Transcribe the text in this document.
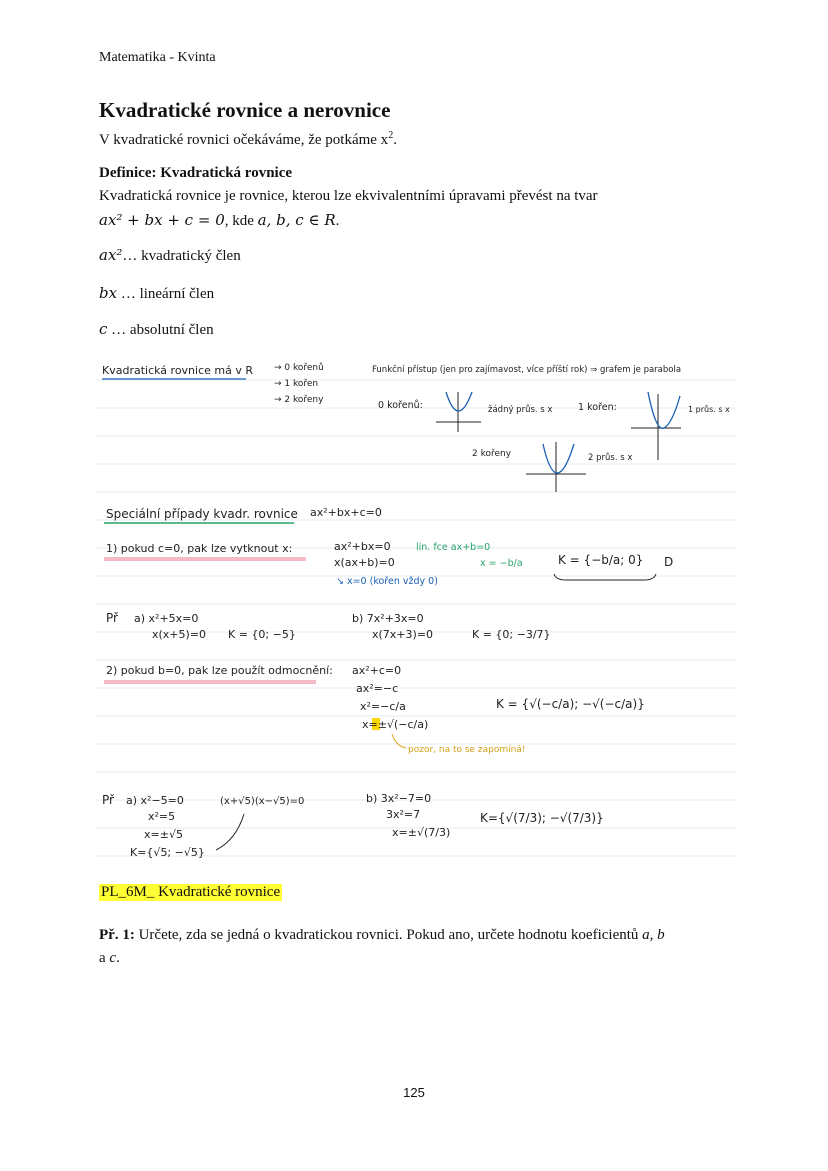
Matematika - Kvinta
Kvadratické rovnice a nerovnice
V kvadratické rovnici očekáváme, že potkáme $x^2$.
Definice: Kvadratická rovnice
Kvadratická rovnice je rovnice, kterou lze ekvivalentními úpravami převést na tvar
ax² + bx + c = 0, kde a, b, c ∈ R.
ax²… kvadratický člen
bx … lineární člen
c … absolutní člen
Kvadratická rovnice má v R → 0 kořenů
→ 1 kořen
→ 2 kořeny
Funkční přístup (jen pro zajímavost, více příští rok) ⇒ grafem je parabola
0 kořenů:	žádný průs. s x	1 kořen:	1 průs. s x
2 kořeny	2 průs. s x
Speciální případy kvadr. rovnice ax²+bx+c=0
1) pokud c=0, pak lze vytknout x:	ax²+bx=0
x(ax+b)=0
↘ x=0 (kořen vždy 0)
lin. fce ax+b=0
x = −b/a	K = {−b/a; 0} D
Př a) x²+5x=0
x(x+5)=0 K = {0; −5}
b) 7x²+3x=0
x(7x+3)=0	K = {0; −3/7}
2) pokud b=0, pak lze použít odmocnění: ax²+c=0
ax²=−c
x²=−c/a
x=±√(−c/a)
K = {√(−c/a); −√(−c/a)}
pozor, na to se zapomíná!
Př a) x²−5=0
x²=5
x=±√5
K={√5; −√5}
(x+√5)(x−√5)=0	b) 3x²−7=0
3x²=7
x=±√(7/3)
K={√(7/3); −√(7/3)}
PL_6M_ Kvadratické rovnice
Př. 1: Určete, zda se jedná o kvadratickou rovnici. Pokud ano, určete hodnotu koeficientů a, b
a c.
125
